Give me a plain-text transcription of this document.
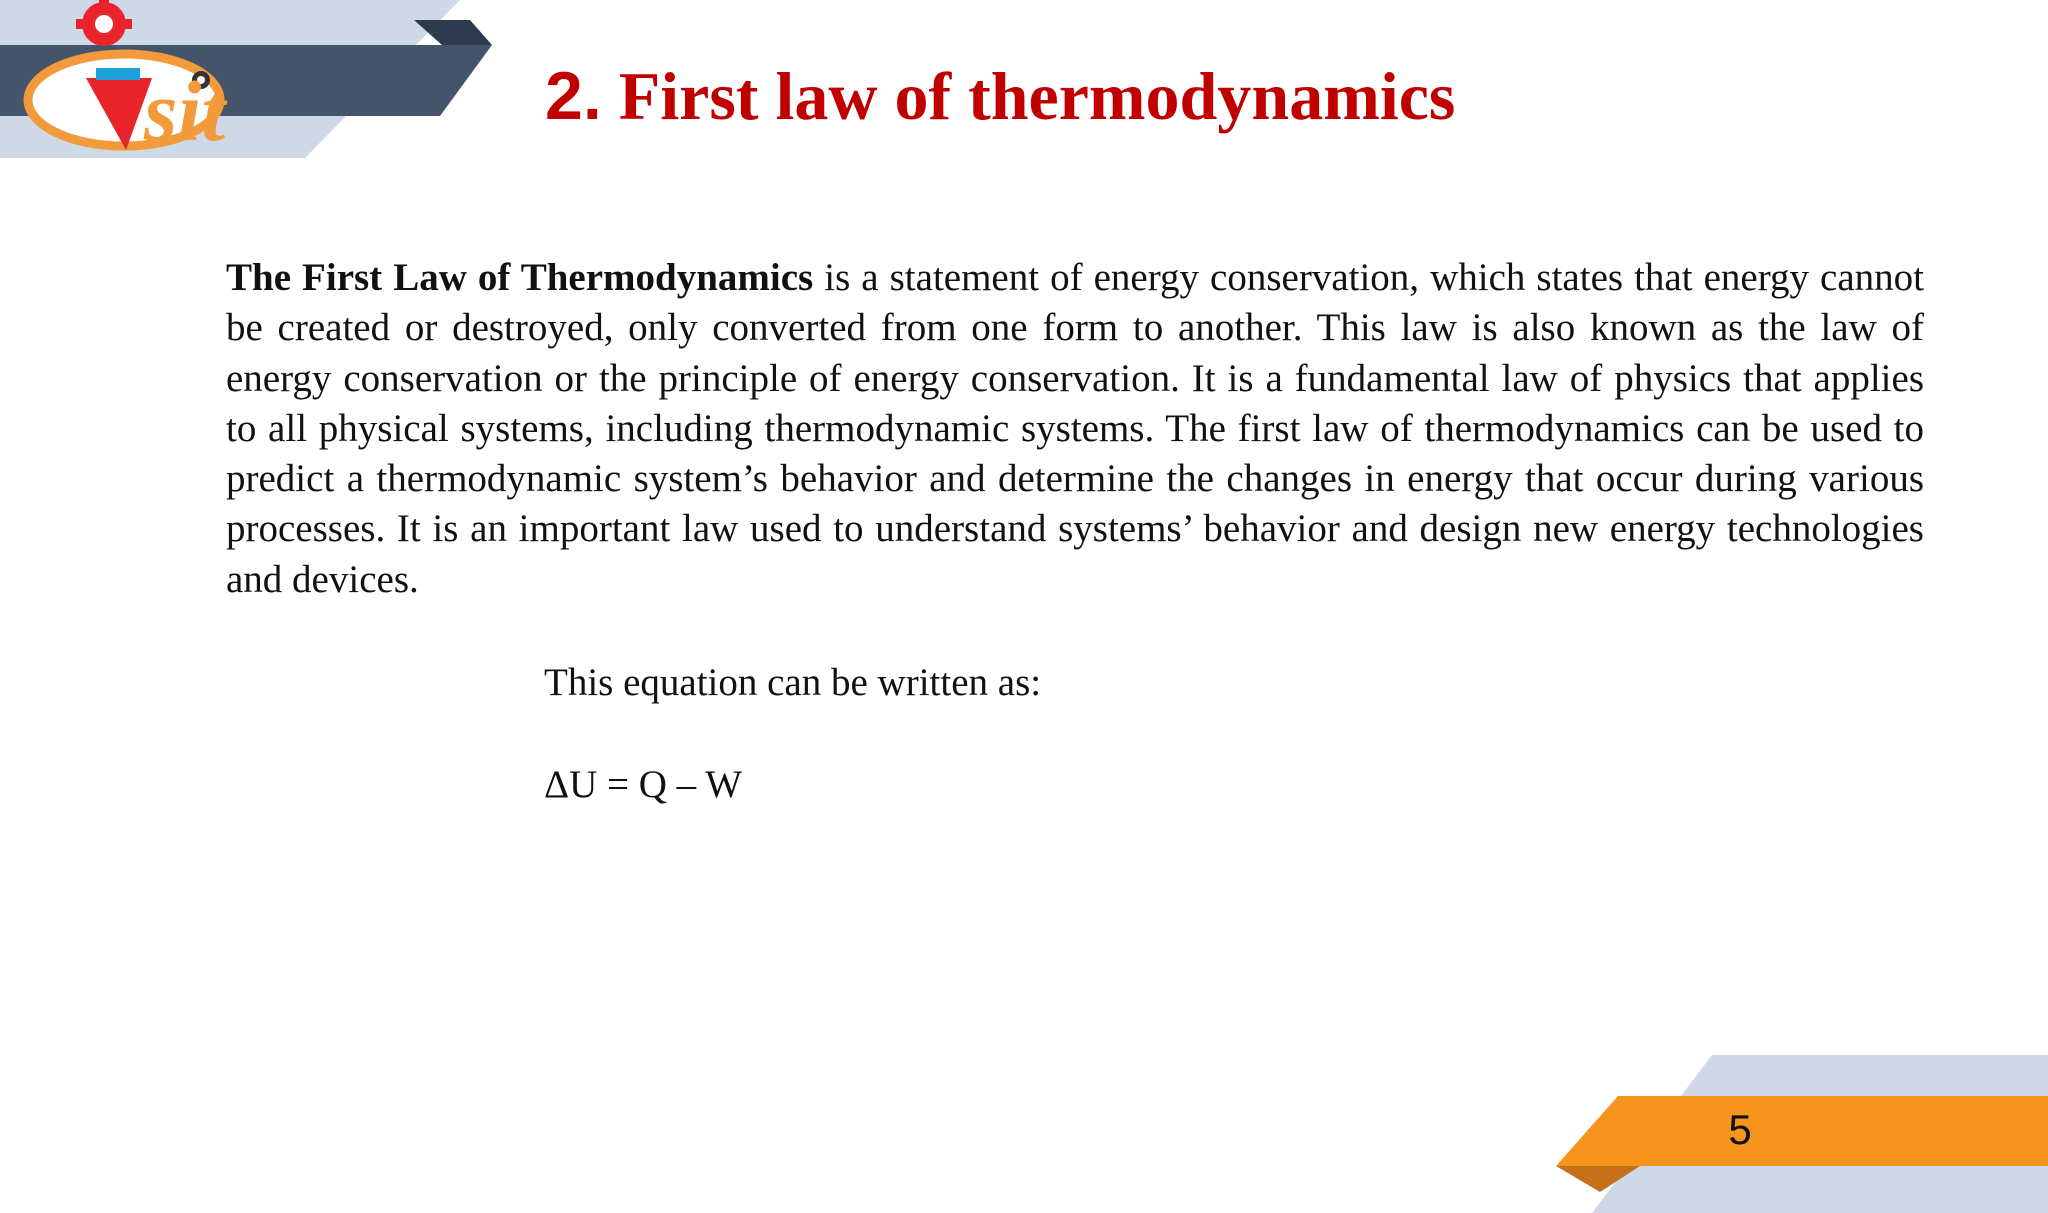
sit	2. First law of thermodynamics

The First Law of Thermodynamics is a statement of energy conservation, which states that energy cannot be created or destroyed, only converted from one form to another. This law is also known as the law of energy conservation or the principle of energy conservation. It is a fundamental law of physics that applies to all physical systems, including thermodynamic systems. The first law of thermodynamics can be used to predict a thermodynamic system’s behavior and determine the changes in energy that occur during various processes. It is an important law used to understand systems’ behavior and design new energy technologies and devices.

This equation can be written as:

ΔU = Q – W

5
